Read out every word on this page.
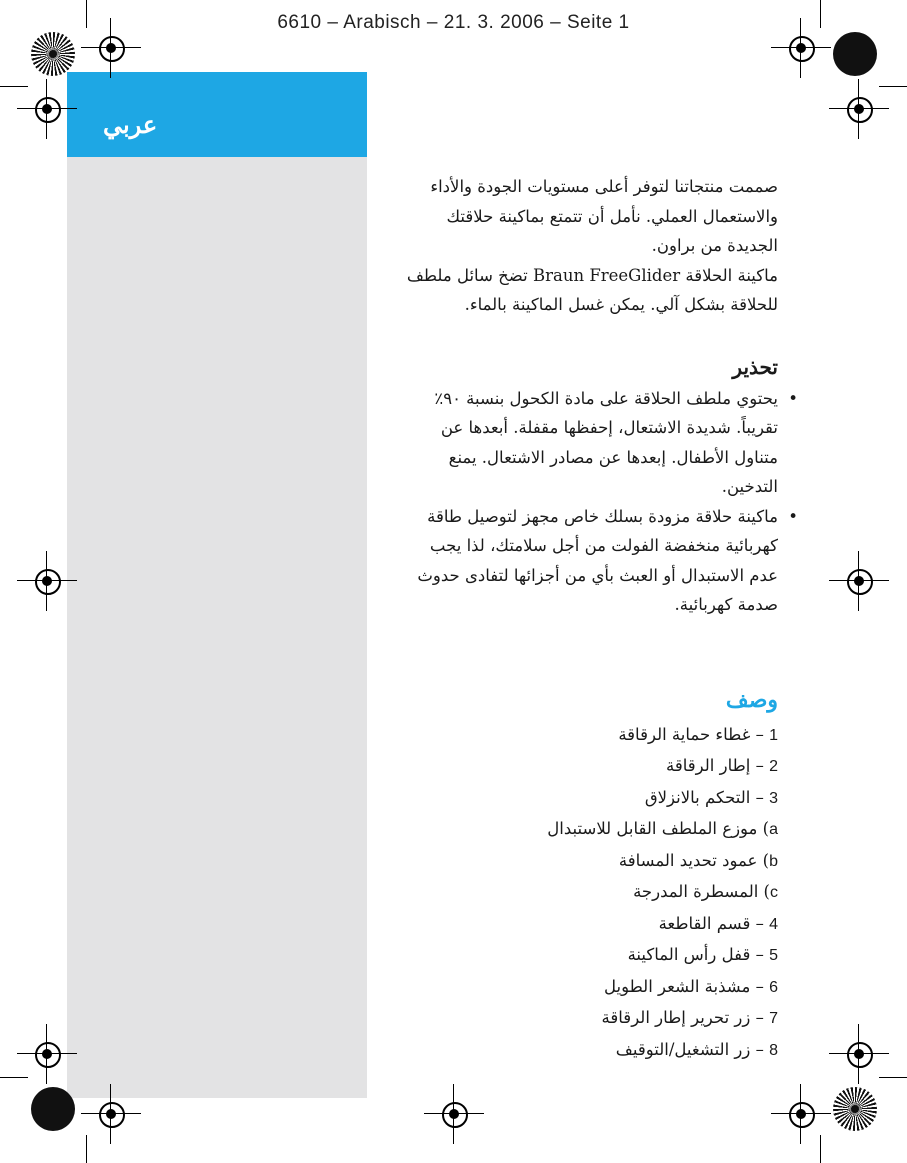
6610 – Arabisch – 21. 3. 2006 – Seite 1
عربي

صممت منتجاتنا لتوفر أعلى مستويات الجودة والأداء والاستعمال العملي. نأمل أن تتمتع بماكينة حلاقتك الجديدة من براون.

ماكينة الحلاقة Braun FreeGlider تضخ سائل ملطف للحلاقة بشكل آلي. يمكن غسل الماكينة بالماء.

تحذير
•
يحتوي ملطف الحلاقة على مادة الكحول بنسبة ٩٠٪ تقريباً. شديدة الاشتعال، إحفظها مقفلة. أبعدها عن متناول الأطفال. إبعدها عن مصادر الاشتعال. يمنع التدخين.
•
ماكينة حلاقة مزودة بسلك خاص مجهز لتوصيل طاقة كهربائية منخفضة الفولت من أجل سلامتك، لذا يجب عدم الاستبدال أو العبث بأي من أجزائها لتفادى حدوث صدمة كهربائية.
وصف
1 – غطاء حماية الرقاقة
2 – إطار الرقاقة
3 – التحكم بالانزلاق
a) موزع الملطف القابل للاستبدال
b) عمود تحديد المسافة
c) المسطرة المدرجة
4 – قسم القاطعة
5 – قفل رأس الماكينة
6 – مشذبة الشعر الطويل
7 – زر تحرير إطار الرقاقة
8 – زر التشغيل/التوقيف
